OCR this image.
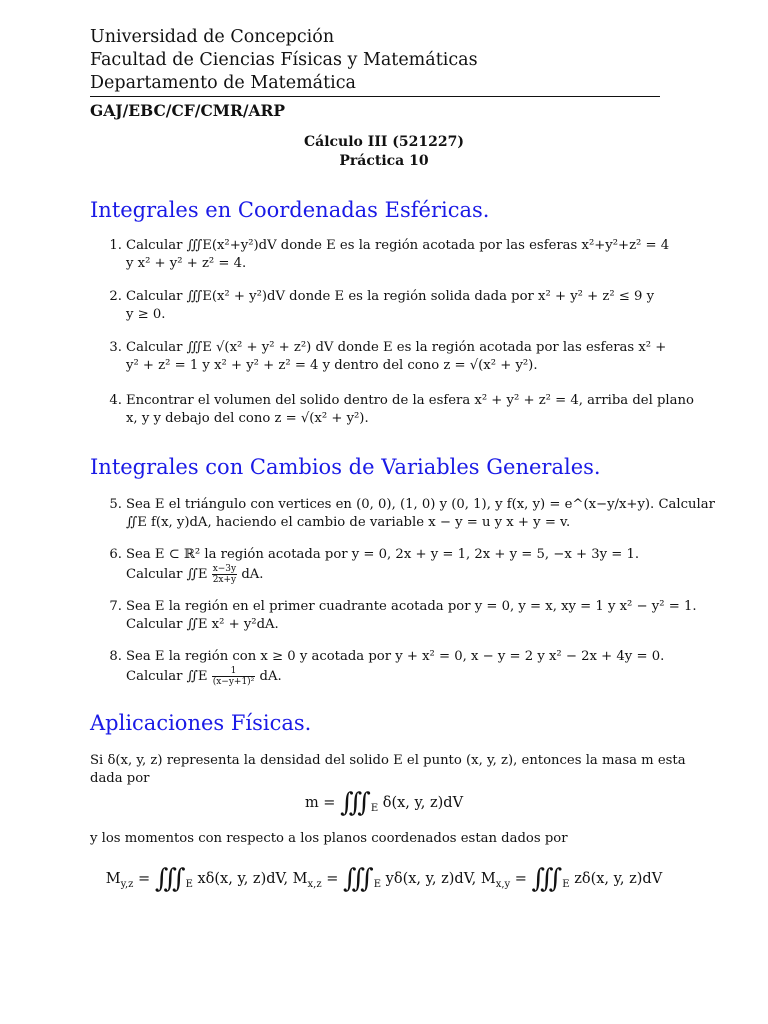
Universidad de Concepción
Facultad de Ciencias Físicas y Matemáticas
Departamento de Matemática
GAJ/EBC/CF/CMR/ARP
Cálculo III (521227)
Práctica 10
Integrales en Coordenadas Esféricas.
1. Calcular ∭E(x²+y²)dV donde E es la región acotada por las esferas x²+y²+z² = 4
y x² + y² + z² = 4.
2. Calcular ∭E(x² + y²)dV donde E es la región solida dada por x² + y² + z² ≤ 9 y
y ≥ 0.
3. Calcular ∭E √(x² + y² + z²) dV donde E es la región acotada por las esferas x² +
y² + z² = 1 y x² + y² + z² = 4 y dentro del cono z = √(x² + y²).
4. Encontrar el volumen del solido dentro de la esfera x² + y² + z² = 4, arriba del plano
x, y y debajo del cono z = √(x² + y²).
Integrales con Cambios de Variables Generales.
5. Sea E el triángulo con vertices en (0, 0), (1, 0) y (0, 1), y f(x, y) = e^(x−y/x+y). Calcular
∬E f(x, y)dA, haciendo el cambio de variable x − y = u y x + y = v.
6. Sea E ⊂ ℝ² la región acotada por y = 0, 2x + y = 1, 2x + y = 5, −x + 3y = 1.
Calcular ∬E $\frac{x-3y}{2x+y}$ dA.
7. Sea E la región en el primer cuadrante acotada por y = 0, y = x, xy = 1 y x² − y² = 1.
Calcular ∬E x² + y²dA.
8. Sea E la región con x ≥ 0 y acotada por y + x² = 0, x − y = 2 y x² − 2x + 4y = 0.
Calcular ∬E $\frac{1}{\text{(x−y+1)²}}$ dA.
Aplicaciones Físicas.
Si δ(x, y, z) representa la densidad del solido E el punto (x, y, z), entonces la masa m esta
dada por
$m = ∭_E$ δ(x, y, z)dV
y los momentos con respecto a los planos coordenados estan dados por
$M_{y,z}$ = $∭_E$ xδ(x, y, z)dV, $M_{x,z}$ = $∭_E$ yδ(x, y, z)dV, $M_{x,y}$ = $∭_E$ zδ(x, y, z)dV
